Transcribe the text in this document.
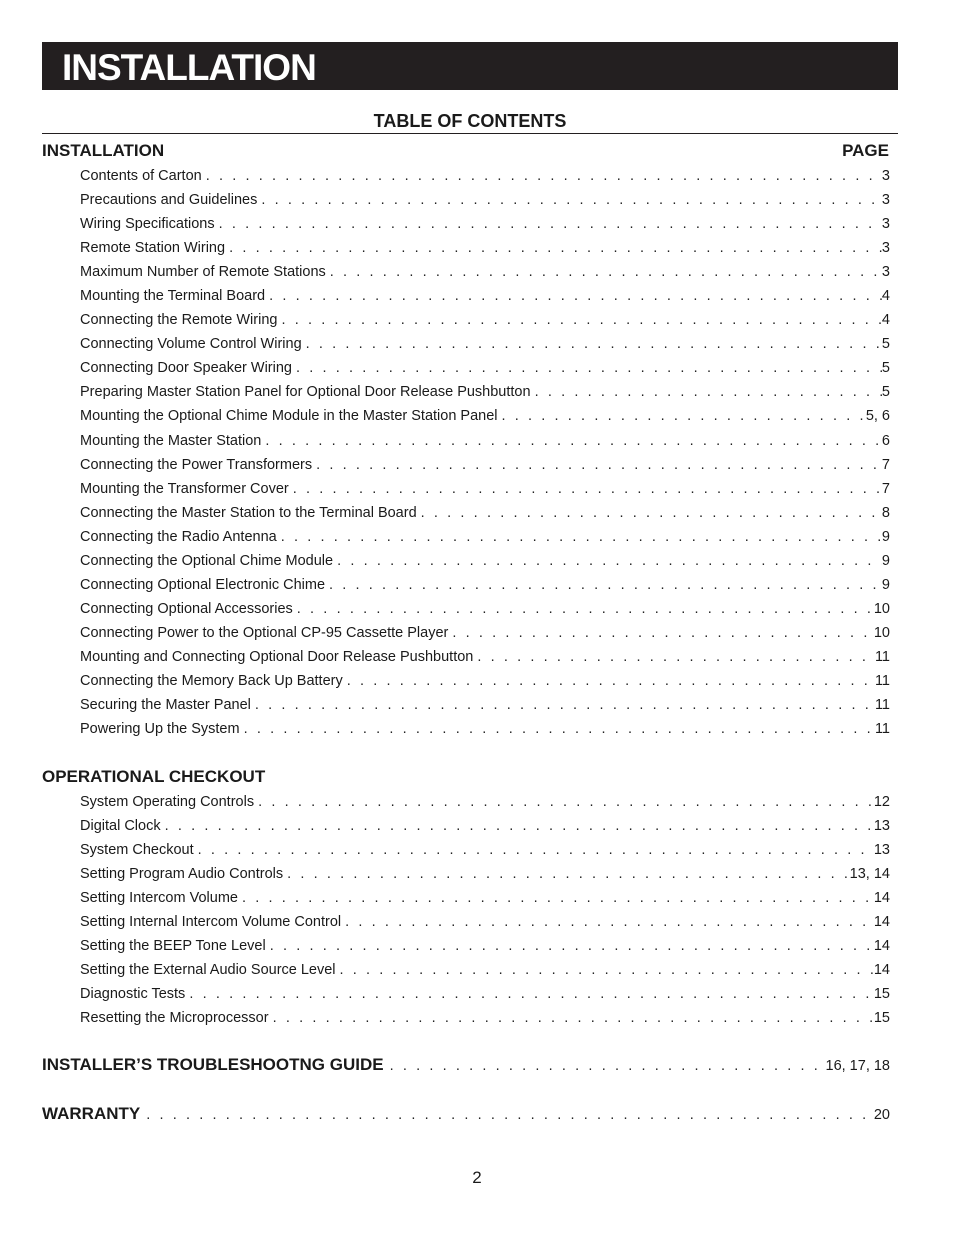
INSTALLATION
TABLE OF CONTENTS
INSTALLATION	PAGE
Contents of Carton . . .	3
Precautions and Guidelines . . .	3
Wiring Specifications . . .	3
Remote Station Wiring . . .	3
Maximum Number of Remote Stations . . .	3
Mounting the Terminal Board . . .	4
Connecting the Remote Wiring . . .	4
Connecting Volume Control Wiring . . .	5
Connecting Door Speaker Wiring . . .	5
Preparing Master Station Panel for Optional Door Release Pushbutton . . .	5
Mounting the Optional Chime Module in the Master Station Panel . . .	5, 6
Mounting the Master Station . . .	6
Connecting the Power Transformers . . .	7
Mounting the Transformer Cover . . .	7
Connecting the Master Station to the Terminal Board . . .	8
Connecting the Radio Antenna . . .	9
Connecting the Optional Chime Module . . .	9
Connecting Optional Electronic Chime . . .	9
Connecting Optional Accessories . . .	10
Connecting Power to the Optional CP-95 Cassette Player . . .	10
Mounting and Connecting Optional Door Release Pushbutton . . .	11
Connecting the Memory Back Up Battery . . .	11
Securing the Master Panel . . .	11
Powering Up the System . . .	11
OPERATIONAL CHECKOUT
System Operating Controls . . .	12
Digital Clock . . .	13
System Checkout . . .	13
Setting Program Audio Controls . . .	13, 14
Setting Intercom Volume . . .	14
Setting Internal Intercom Volume Control . . .	14
Setting the BEEP Tone Level . . .	14
Setting the External Audio Source Level . . .	14
Diagnostic Tests . . .	15
Resetting the Microprocessor . . .	15
INSTALLER’S TROUBLESHOOTNG GUIDE . . .	16, 17, 18
WARRANTY . . .	20
2
